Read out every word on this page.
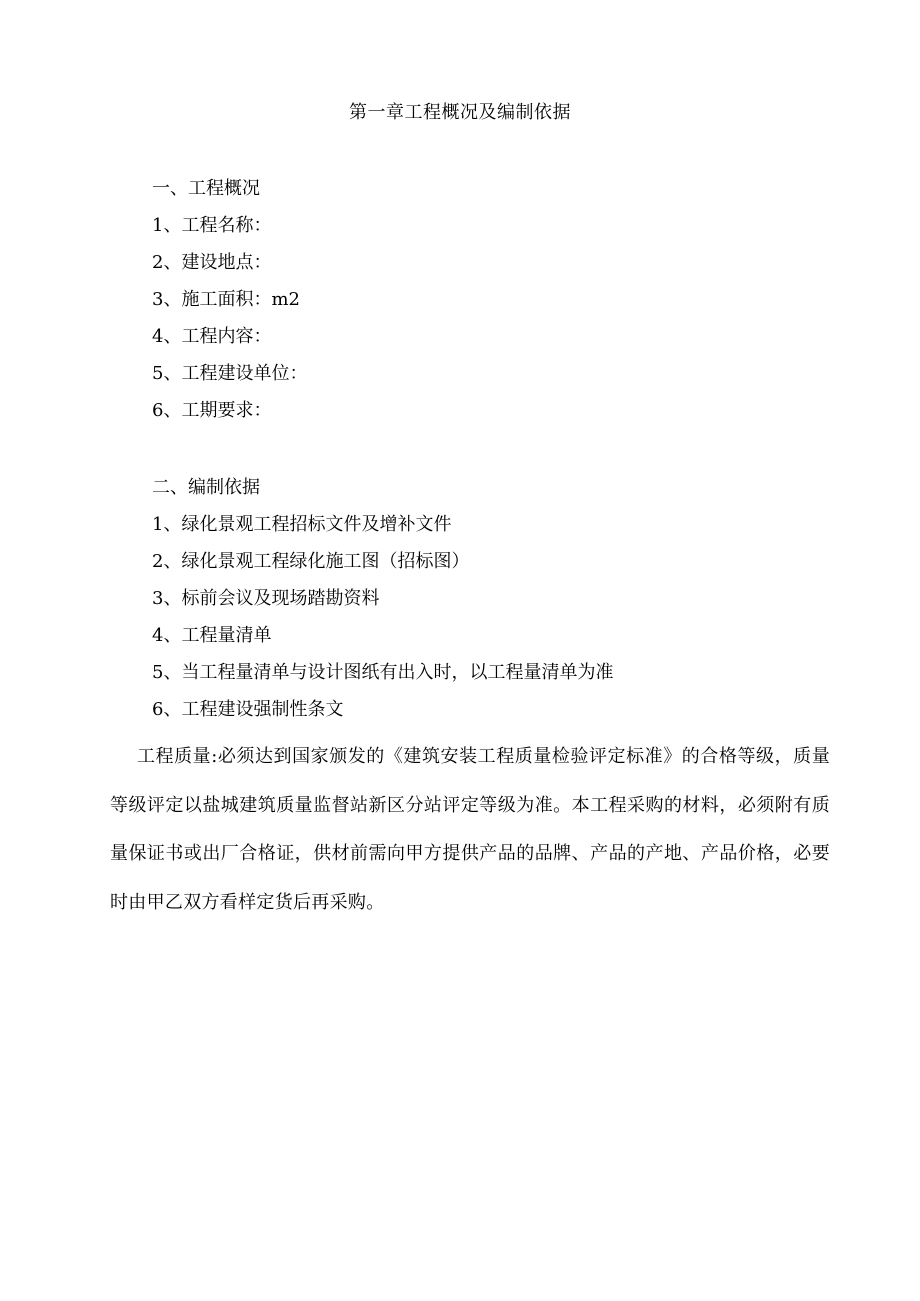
第一章工程概况及编制依据
一、工程概况
1、工程名称：
2、建设地点：
3、施工面积：m2
4、工程内容：
5、工程建设单位：
6、工期要求：
二、编制依据
1、绿化景观工程招标文件及增补文件
2、绿化景观工程绿化施工图（招标图）
3、标前会议及现场踏勘资料
4、工程量清单
5、当工程量清单与设计图纸有出入时，以工程量清单为准
6、工程建设强制性条文
工程质量:必须达到国家颁发的《建筑安装工程质量检验评定标准》的合格等级，质量等级评定以盐城建筑质量监督站新区分站评定等级为准。本工程采购的材料，必须附有质量保证书或出厂合格证，供材前需向甲方提供产品的品牌、产品的产地、产品价格，必要时由甲乙双方看样定货后再采购。
